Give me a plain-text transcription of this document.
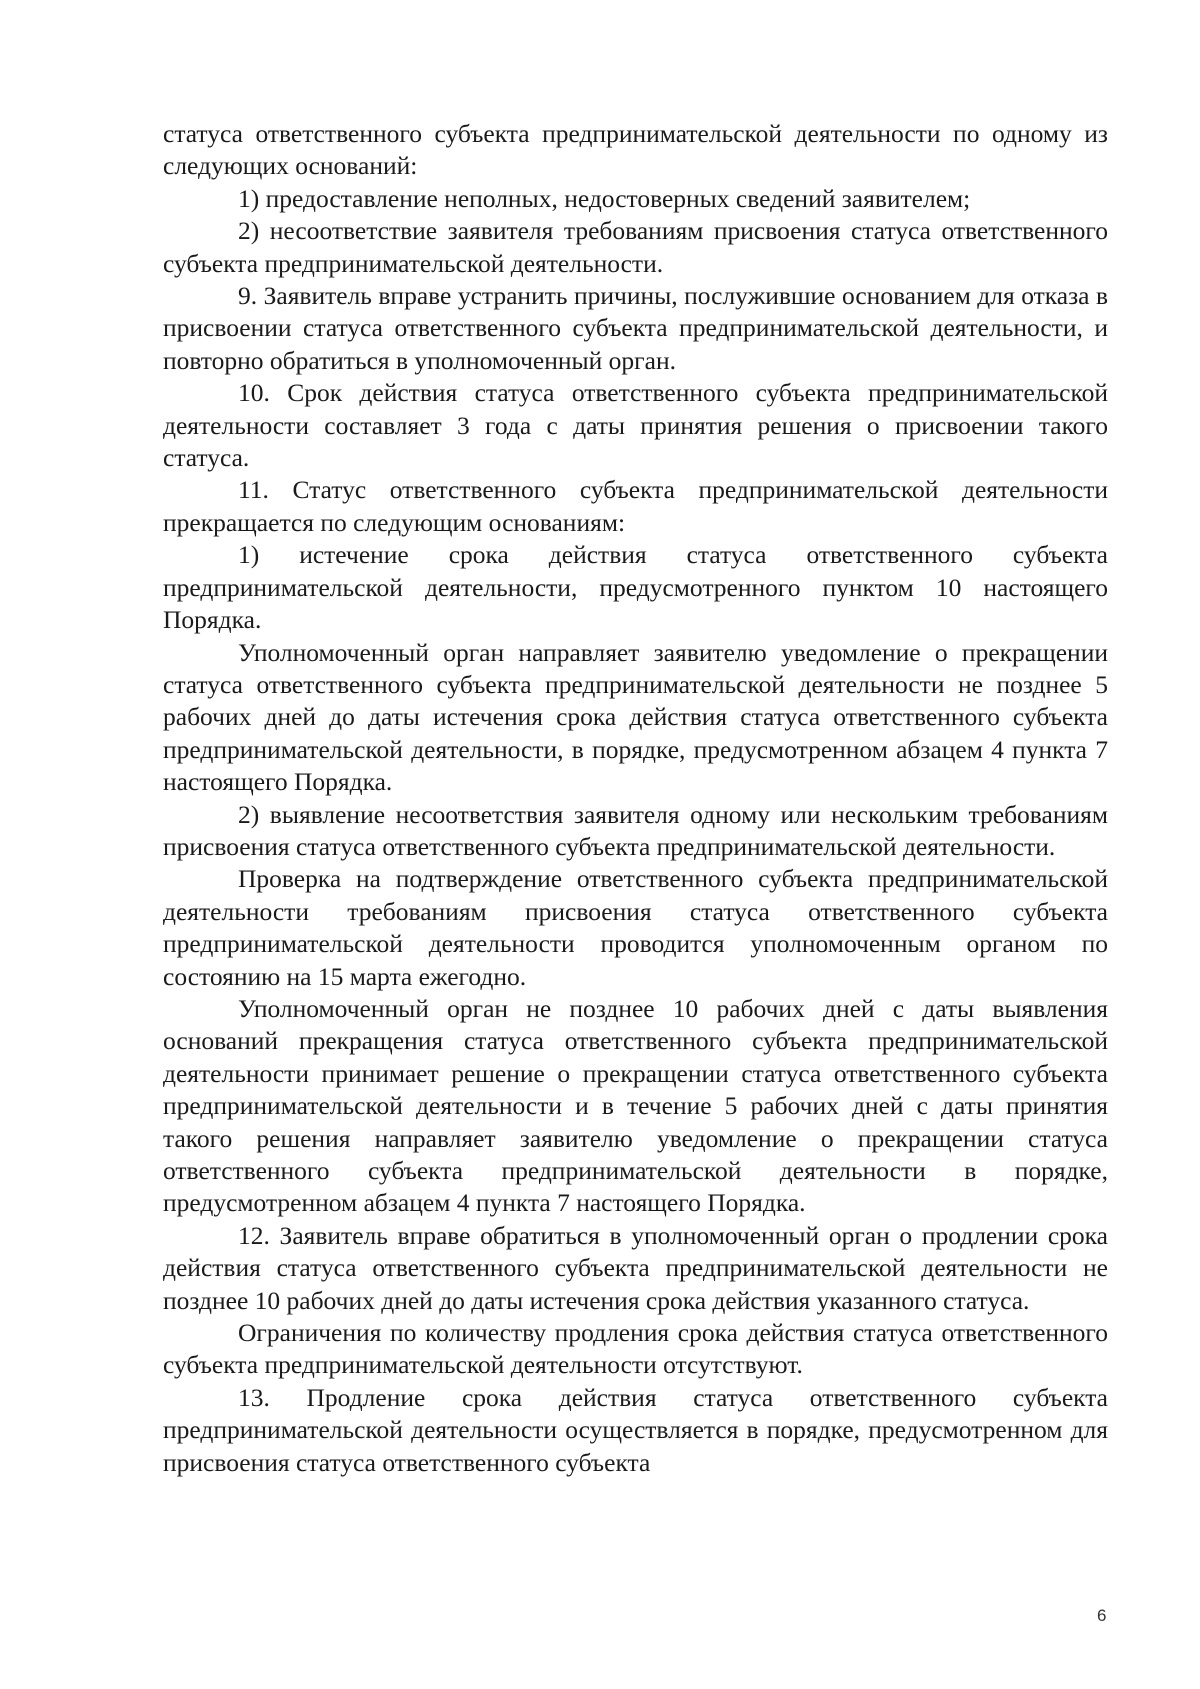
статуса ответственного субъекта предпринимательской деятельности по одному из следующих оснований:

1) предоставление неполных, недостоверных сведений заявителем;

2) несоответствие заявителя требованиям присвоения статуса ответственного субъекта предпринимательской деятельности.

9. Заявитель вправе устранить причины, послужившие основанием для отказа в присвоении статуса ответственного субъекта предпринимательской деятельности, и повторно обратиться в уполномоченный орган.

10. Срок действия статуса ответственного субъекта предпринимательской деятельности составляет 3 года с даты принятия решения о присвоении такого статуса.

11. Статус ответственного субъекта предпринимательской деятельности прекращается по следующим основаниям:

1) истечение срока действия статуса ответственного субъекта предпринимательской деятельности, предусмотренного пунктом 10 настоящего Порядка.

Уполномоченный орган направляет заявителю уведомление о прекращении статуса ответственного субъекта предпринимательской деятельности не позднее 5 рабочих дней до даты истечения срока действия статуса ответственного субъекта предпринимательской деятельности, в порядке, предусмотренном абзацем 4 пункта 7 настоящего Порядка.

2) выявление несоответствия заявителя одному или нескольким требованиям присвоения статуса ответственного субъекта предпринимательской деятельности.

Проверка на подтверждение ответственного субъекта предпринимательской деятельности требованиям присвоения статуса ответственного субъекта предпринимательской деятельности проводится уполномоченным органом по состоянию на 15 марта ежегодно.

Уполномоченный орган не позднее 10 рабочих дней с даты выявления оснований прекращения статуса ответственного субъекта предпринимательской деятельности принимает решение о прекращении статуса ответственного субъекта предпринимательской деятельности и в течение 5 рабочих дней с даты принятия такого решения направляет заявителю уведомление о прекращении статуса ответственного субъекта предпринимательской деятельности в порядке, предусмотренном абзацем 4 пункта 7 настоящего Порядка.

12. Заявитель вправе обратиться в уполномоченный орган о продлении срока действия статуса ответственного субъекта предпринимательской деятельности не позднее 10 рабочих дней до даты истечения срока действия указанного статуса.

Ограничения по количеству продления срока действия статуса ответственного субъекта предпринимательской деятельности отсутствуют.

13. Продление срока действия статуса ответственного субъекта предпринимательской деятельности осуществляется в порядке, предусмотренном для присвоения статуса ответственного субъекта

6
